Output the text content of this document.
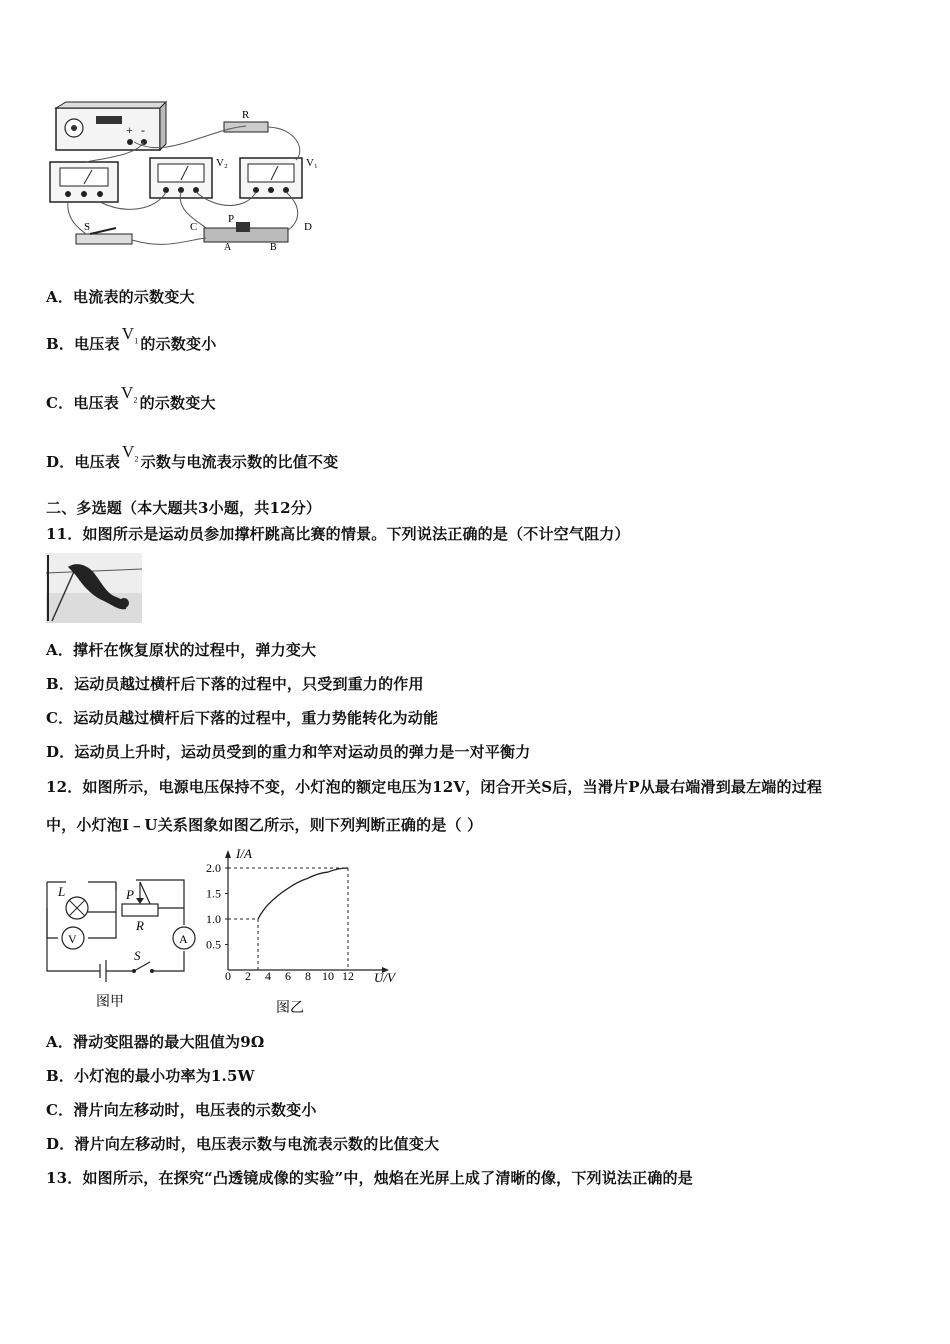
+ -
R
V₂	V₁
S
P
C	D
A	B
A．电流表的示数变大
B．电压表$V_1$ 的示数变小
C．电压表$V_2$ 的示数变大
D．电压表$V_2$ 示数与电流表示数的比值不变
二、多选题（本大题共3小题，共12分）
11．如图所示是运动员参加撑杆跳高比赛的情景。下列说法正确的是（不计空气阻力）
A．撑杆在恢复原状的过程中，弹力变大
B．运动员越过横杆后下落的过程中，只受到重力的作用
C．运动员越过横杆后下落的过程中，重力势能转化为动能
D．运动员上升时，运动员受到的重力和竿对运动员的弹力是一对平衡力
12．如图所示，电源电压保持不变，小灯泡的额定电压为12V，闭合开关S后，当滑片P从最右端滑到最左端的过程
中，小灯泡I﹣U关系图象如图乙所示，则下列判断正确的是（ ）
L
V
P
R
A
S
图甲
I/A
U/V
0 2 4 6 8 10 12
0.5
1.0
1.5
2.0
图乙
A．滑动变阻器的最大阻值为9Ω
B．小灯泡的最小功率为1.5W
C．滑片向左移动时，电压表的示数变小
D．滑片向左移动时，电压表示数与电流表示数的比值变大
13．如图所示，在探究“凸透镜成像的实验”中，烛焰在光屏上成了清晰的像，下列说法正确的是
